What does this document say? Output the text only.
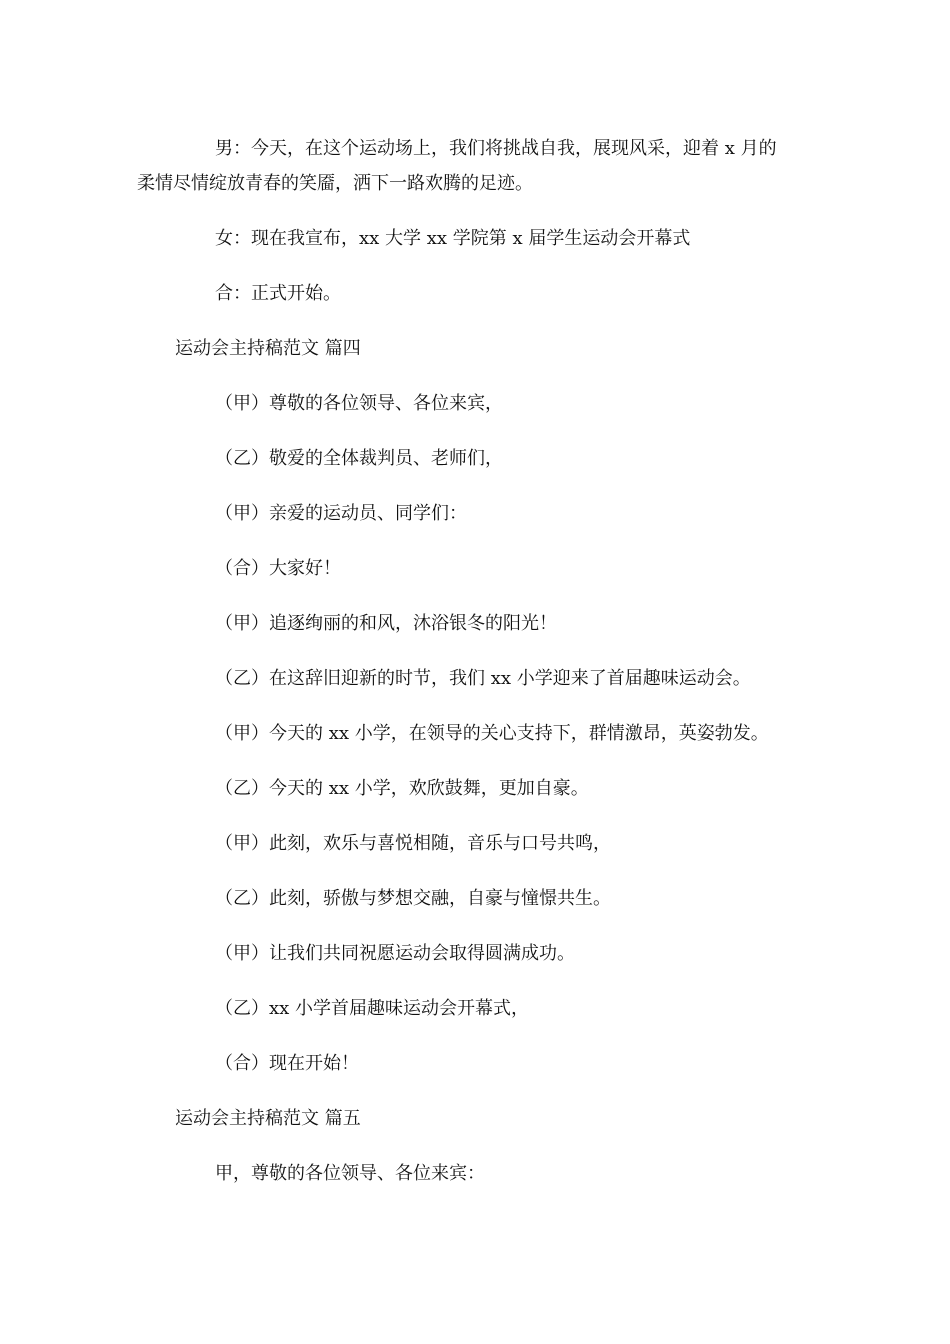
男：今天，在这个运动场上，我们将挑战自我，展现风采，迎着 x 月的
柔情尽情绽放青春的笑靥，洒下一路欢腾的足迹。
女：现在我宣布，xx 大学 xx 学院第 x 届学生运动会开幕式
合：正式开始。
运动会主持稿范文 篇四
（甲）尊敬的各位领导、各位来宾，
（乙）敬爱的全体裁判员、老师们，
（甲）亲爱的运动员、同学们：
（合）大家好！
（甲）追逐绚丽的和风，沐浴银冬的阳光！
（乙）在这辞旧迎新的时节，我们 xx 小学迎来了首届趣味运动会。
（甲）今天的 xx 小学，在领导的关心支持下，群情激昂，英姿勃发。
（乙）今天的 xx 小学，欢欣鼓舞，更加自豪。
（甲）此刻，欢乐与喜悦相随，音乐与口号共鸣，
（乙）此刻，骄傲与梦想交融，自豪与憧憬共生。
（甲）让我们共同祝愿运动会取得圆满成功。
（乙）xx 小学首届趣味运动会开幕式，
（合）现在开始！
运动会主持稿范文 篇五
甲，尊敬的各位领导、各位来宾：
